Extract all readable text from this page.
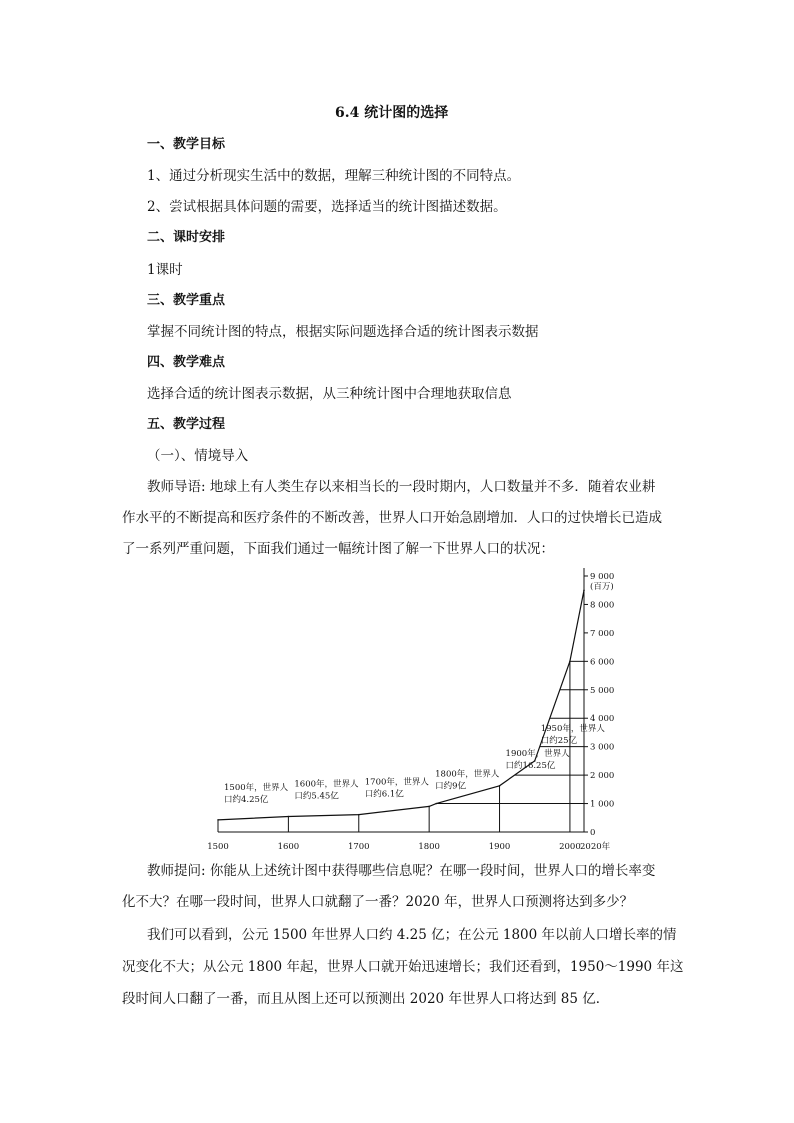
6.4 统计图的选择
一、教学目标
1、通过分析现实生活中的数据，理解三种统计图的不同特点。
2、尝试根据具体问题的需要，选择适当的统计图描述数据。
二、课时安排
1课时
三、教学重点
掌握不同统计图的特点，根据实际问题选择合适的统计图表示数据
四、教学难点
选择合适的统计图表示数据，从三种统计图中合理地获取信息
五、教学过程
（一）、情境导入
教师导语: 地球上有人类生存以来相当长的一段时期内，人口数量并不多．随着农业耕
作水平的不断提高和医疗条件的不断改善，世界人口开始急剧增加．人口的过快增长已造成
了一系列严重问题，下面我们通过一幅统计图了解一下世界人口的状况：
0
1 000
2 000
3 000
4 000
5 000
6 000
7 000
8 000
9 000
(百万)
1500	1600	1700	1800	1900	2000 2020年
1500年，世界人
口约4.25亿
1600年，世界人
口约5.45亿
1700年，世界人
口约6.1亿
1800年，世界人
口约9亿
1900年，世界人
口约16.25亿
1950年，世界人
口约25亿
教师提问: 你能从上述统计图中获得哪些信息呢？在哪一段时间，世界人口的增长率变
化不大？在哪一段时间，世界人口就翻了一番？2020 年，世界人口预测将达到多少？
我们可以看到，公元 1500 年世界人口约 4.25 亿；在公元 1800 年以前人口增长率的情
况变化不大；从公元 1800 年起，世界人口就开始迅速增长；我们还看到，1950～1990 年这
段时间人口翻了一番，而且从图上还可以预测出 2020 年世界人口将达到 85 亿．
